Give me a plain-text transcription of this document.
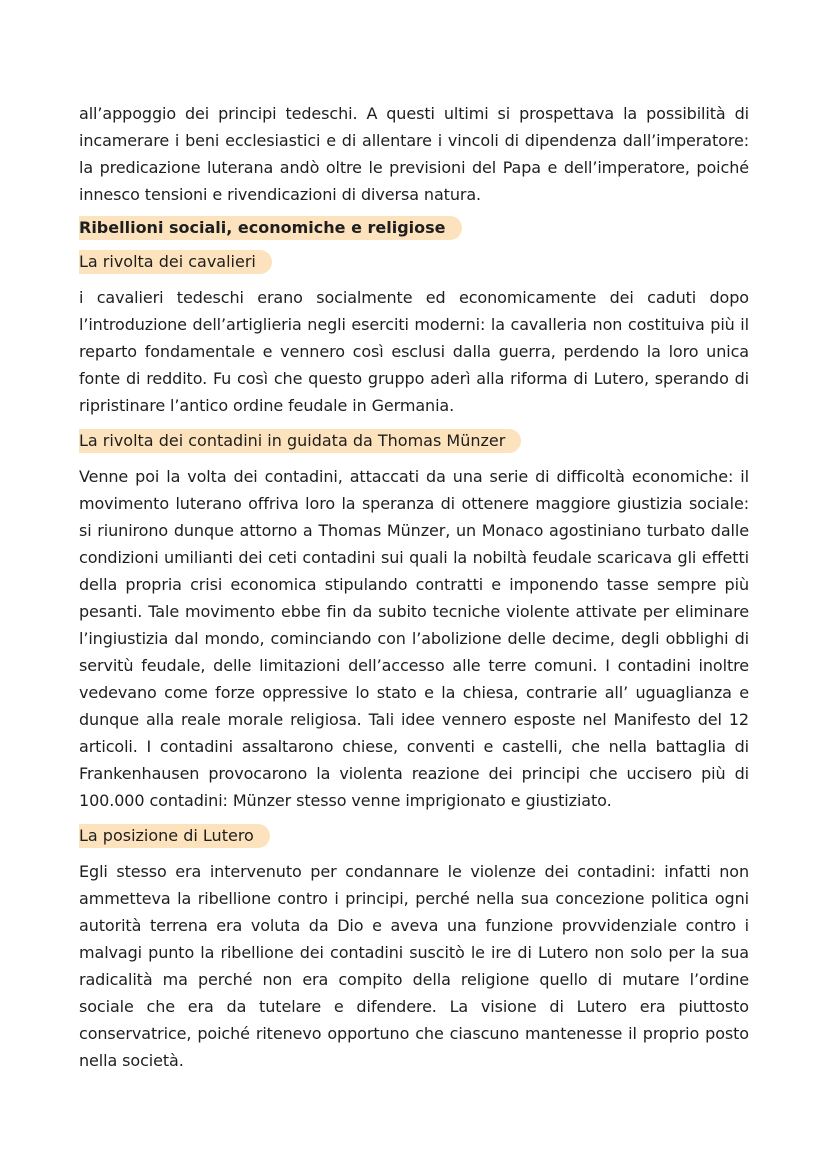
all’appoggio dei principi tedeschi. A questi ultimi si prospettava la possibilità di incamerare i beni ecclesiastici e di allentare i vincoli di dipendenza dall’imperatore: la predicazione luterana andò oltre le previsioni del Papa e dell’imperatore, poiché innesco tensioni e rivendicazioni di diversa natura.

Ribellioni sociali, economiche e religiose
La rivolta dei cavalieri

i cavalieri tedeschi erano socialmente ed economicamente dei caduti dopo l’introduzione dell’artiglieria negli eserciti moderni: la cavalleria non costituiva più il reparto fondamentale e vennero così esclusi dalla guerra, perdendo la loro unica fonte di reddito. Fu così che questo gruppo aderì alla riforma di Lutero, sperando di ripristinare l’antico ordine feudale in Germania.

La rivolta dei contadini in guidata da Thomas Münzer

Venne poi la volta dei contadini, attaccati da una serie di difficoltà economiche: il movimento luterano offriva loro la speranza di ottenere maggiore giustizia sociale: si riunirono dunque attorno a Thomas Münzer, un Monaco agostiniano turbato dalle condizioni umilianti dei ceti contadini sui quali la nobiltà feudale scaricava gli effetti della propria crisi economica stipulando contratti e imponendo tasse sempre più pesanti. Tale movimento ebbe fin da subito tecniche violente attivate per eliminare l’ingiustizia dal mondo, cominciando con l’abolizione delle decime, degli obblighi di servitù feudale, delle limitazioni dell’accesso alle terre comuni. I contadini inoltre vedevano come forze oppressive lo stato e la chiesa, contrarie all’ uguaglianza e dunque alla reale morale religiosa. Tali idee vennero esposte nel Manifesto del 12 articoli. I contadini assaltarono chiese, conventi e castelli, che nella battaglia di Frankenhausen provocarono la violenta reazione dei principi che uccisero più di 100.000 contadini: Münzer stesso venne imprigionato e giustiziato.

La posizione di Lutero

Egli stesso era intervenuto per condannare le violenze dei contadini: infatti non ammetteva la ribellione contro i principi, perché nella sua concezione politica ogni autorità terrena era voluta da Dio e aveva una funzione provvidenziale contro i malvagi punto la ribellione dei contadini suscitò le ire di Lutero non solo per la sua radicalità ma perché non era compito della religione quello di mutare l’ordine sociale che era da tutelare e difendere. La visione di Lutero era piuttosto conservatrice, poiché ritenevo opportuno che ciascuno mantenesse il proprio posto nella società.
